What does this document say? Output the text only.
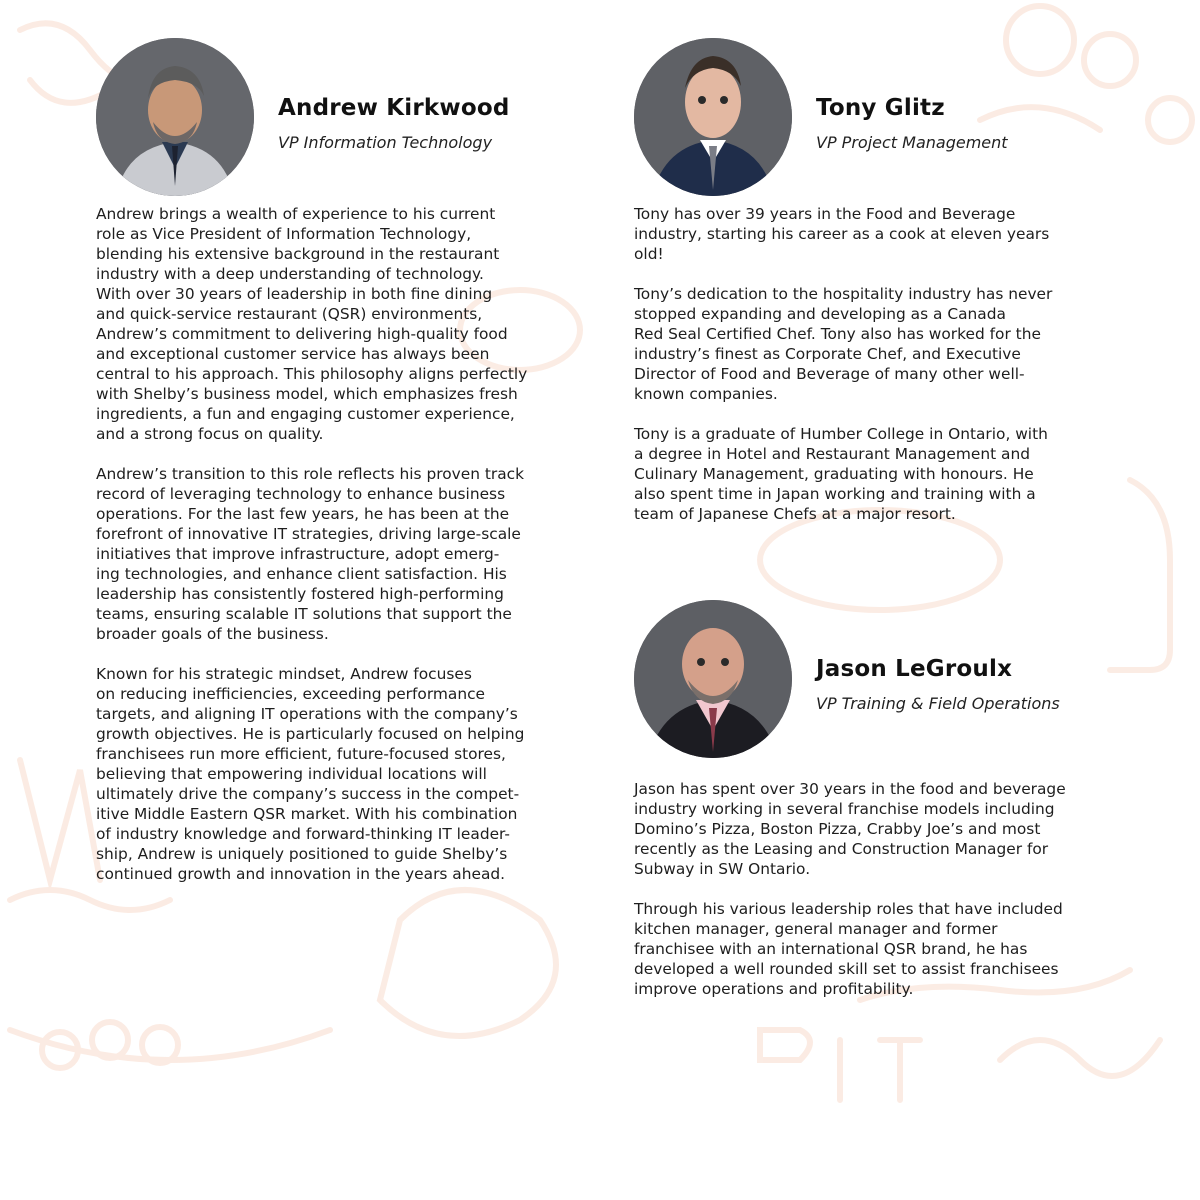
Andrew Kirkwood

VP Information Technology

Andrew brings a wealth of experience to his current
role as Vice President of Information Technology,
blending his extensive background in the restaurant
industry with a deep understanding of technology.
With over 30 years of leadership in both fine dining
and quick-service restaurant (QSR) environments,
Andrew’s commitment to delivering high-quality food
and exceptional customer service has always been
central to his approach. This philosophy aligns perfectly
with Shelby’s business model, which emphasizes fresh
ingredients, a fun and engaging customer experience,
and a strong focus on quality.

Andrew’s transition to this role reflects his proven track
record of leveraging technology to enhance business
operations. For the last few years, he has been at the
forefront of innovative IT strategies, driving large-scale
initiatives that improve infrastructure, adopt emerg-
ing technologies, and enhance client satisfaction. His
leadership has consistently fostered high-performing
teams, ensuring scalable IT solutions that support the
broader goals of the business.

Known for his strategic mindset, Andrew focuses
on reducing inefficiencies, exceeding performance
targets, and aligning IT operations with the company’s
growth objectives. He is particularly focused on helping
franchisees run more efficient, future-focused stores,
believing that empowering individual locations will
ultimately drive the company’s success in the compet-
itive Middle Eastern QSR market. With his combination
of industry knowledge and forward-thinking IT leader-
ship, Andrew is uniquely positioned to guide Shelby’s
continued growth and innovation in the years ahead.

Tony Glitz

VP Project Management

Tony has over 39 years in the Food and Beverage
industry, starting his career as a cook at eleven years
old!

Tony’s dedication to the hospitality industry has never
stopped expanding and developing as a Canada
Red Seal Certified Chef. Tony also has worked for the
industry’s finest as Corporate Chef, and Executive
Director of Food and Beverage of many other well-
known companies.

Tony is a graduate of Humber College in Ontario, with
a degree in Hotel and Restaurant Management and
Culinary Management, graduating with honours. He
also spent time in Japan working and training with a
team of Japanese Chefs at a major resort.

Jason LeGroulx

VP Training & Field Operations

Jason has spent over 30 years in the food and beverage
industry working in several franchise models including
Domino’s Pizza, Boston Pizza, Crabby Joe’s and most
recently as the Leasing and Construction Manager for
Subway in SW Ontario.

Through his various leadership roles that have included
kitchen manager, general manager and former
franchisee with an international QSR brand, he has
developed a well rounded skill set to assist franchisees
improve operations and profitability.
